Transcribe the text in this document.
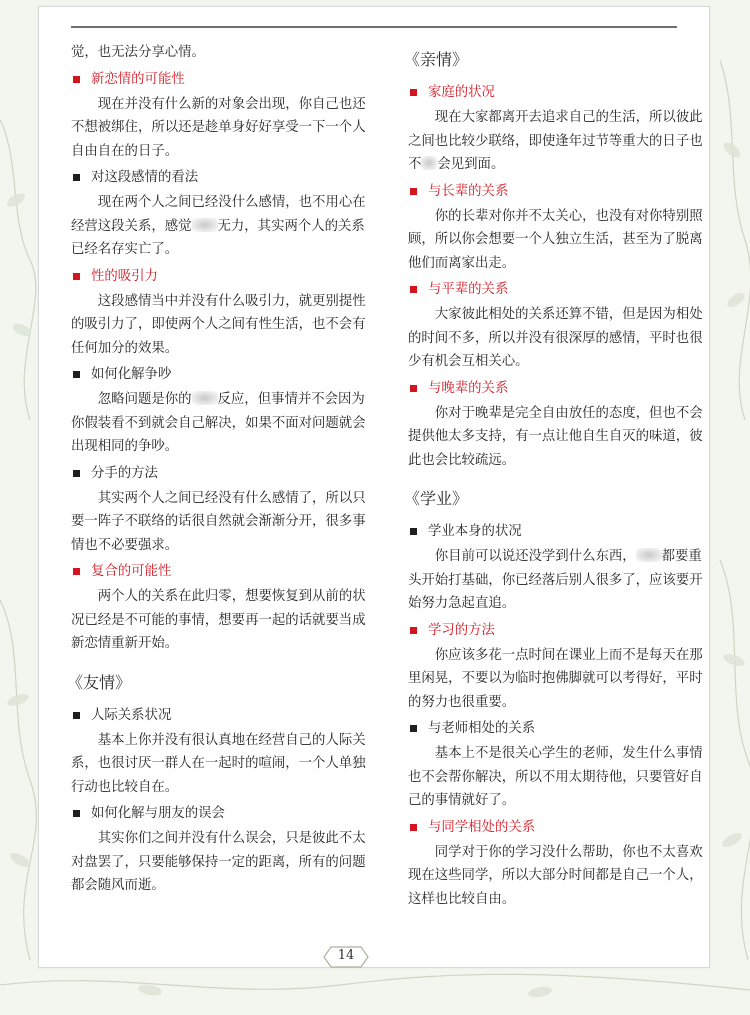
觉，也无法分享心情。

新恋情的可能性

现在并没有什么新的对象会出现，你自己也还不想被绑住，所以还是趁单身好好享受一下一个人自由自在的日子。

对这段感情的看法

现在两个人之间已经没什么感情，也不用心在经营这段关系，感觉 无力，其实两个人的关系已经名存实亡了。

性的吸引力

这段感情当中并没有什么吸引力，就更别提性的吸引力了，即使两个人之间有性生活，也不会有任何加分的效果。

如何化解争吵

忽略问题是你的 反应，但事情并不会因为你假装看不到就会自己解决，如果不面对问题就会出现相同的争吵。

分手的方法

其实两个人之间已经没有什么感情了，所以只要一阵子不联络的话很自然就会渐渐分开，很多事情也不必要强求。

复合的可能性

两个人的关系在此归零，想要恢复到从前的状况已经是不可能的事情，想要再一起的话就要当成新恋情重新开始。

《友情》
人际关系状况

基本上你并没有很认真地在经营自己的人际关系，也很讨厌一群人在一起时的喧闹，一个人单独行动也比较自在。

如何化解与朋友的误会

其实你们之间并没有什么误会，只是彼此不太对盘罢了，只要能够保持一定的距离，所有的问题都会随风而逝。

《亲情》
家庭的状况

现在大家都离开去追求自己的生活，所以彼此之间也比较少联络，即使逢年过节等重大的日子也不 会见到面。

与长辈的关系

你的长辈对你并不太关心，也没有对你特别照顾，所以你会想要一个人独立生活，甚至为了脱离他们而离家出走。

与平辈的关系

大家彼此相处的关系还算不错，但是因为相处的时间不多，所以并没有很深厚的感情，平时也很少有机会互相关心。

与晚辈的关系

你对于晚辈是完全自由放任的态度，但也不会提供他太多支持，有一点让他自生自灭的味道，彼此也会比较疏远。

《学业》
学业本身的状况

你目前可以说还没学到什么东西， 都要重头开始打基础，你已经落后别人很多了，应该要开始努力急起直追。

学习的方法

你应该多花一点时间在课业上而不是每天在那里闲晃，不要以为临时抱佛脚就可以考得好，平时的努力也很重要。

与老师相处的关系

基本上不是很关心学生的老师，发生什么事情也不会帮你解决，所以不用太期待他，只要管好自己的事情就好了。

与同学相处的关系

同学对于你的学习没什么帮助，你也不太喜欢现在这些同学，所以大部分时间都是自己一个人，这样也比较自由。

14
